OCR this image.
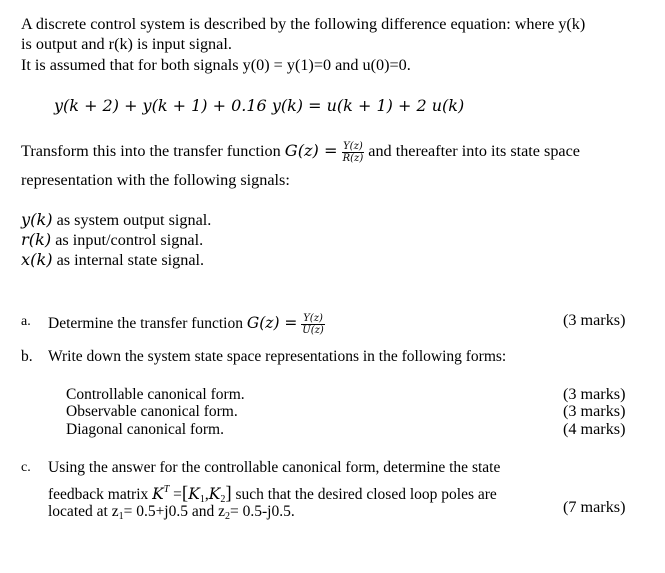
A discrete control system is described by the following difference equation: where y(k)
is output and r(k) is input signal.
It is assumed that for both signals y(0) = y(1)=0 and u(0)=0.
y(k + 2) + y(k + 1) + 0.16 y(k) = u(k + 1) + 2 u(k)
Transform this into the transfer function $G(z) = \frac{Y(z)}{R(z)}$ and thereafter into its state space
representation with the following signals:
y(k) as system output signal.
r(k) as input/control signal.
x(k) as internal state signal.
a. Determine the transfer function $G(z) = \frac{Y(z)}{U(z)}$	(3 marks)
b. Write down the system state space representations in the following forms:
Controllable canonical form.	(3 marks)
Observable canonical form.	(3 marks)
Diagonal canonical form.	(4 marks)
c. Using the answer for the controllable canonical form, determine the state
feedback matrix $K^T =[K_1,K_2]$ such that the desired closed loop poles are
located at $z_1= 0.5+j0.5$ and $z_2= 0.5-j0.5$.	(7 marks)
